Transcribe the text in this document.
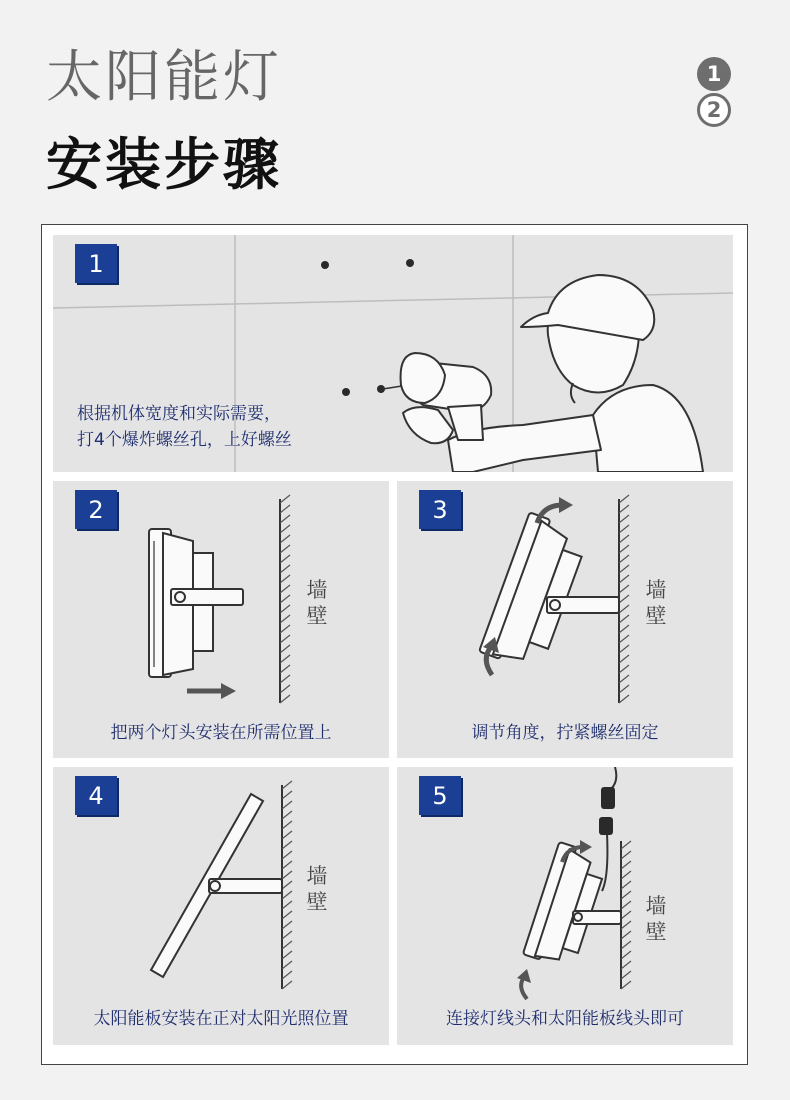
太阳能灯
安装步骤
1
2
1
根据机体宽度和实际需要，
打4个爆炸螺丝孔，上好螺丝
2
墙壁
把两个灯头安装在所需位置上
3
墙壁
调节角度，拧紧螺丝固定
4
墙壁
太阳能板安装在正对太阳光照位置
5
墙壁
连接灯线头和太阳能板线头即可
